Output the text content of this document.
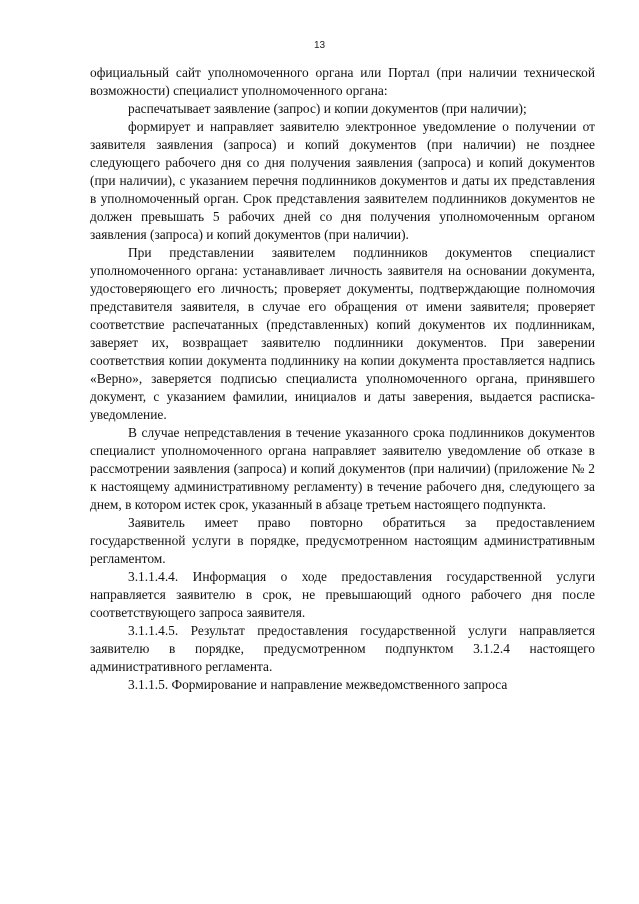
13

официальный сайт уполномоченного органа или Портал (при наличии технической возможности) специалист уполномоченного органа:

распечатывает заявление (запрос) и копии документов (при наличии);

формирует и направляет заявителю электронное уведомление о получении от заявителя заявления (запроса) и копий документов (при наличии) не позднее следующего рабочего дня со дня получения заявления (запроса) и копий документов (при наличии), с указанием перечня подлинников документов и даты их представления в уполномоченный орган. Срок представления заявителем подлинников документов не должен превышать 5 рабочих дней со дня получения уполномоченным органом заявления (запроса) и копий документов (при наличии).

При представлении заявителем подлинников документов специалист уполномоченного органа: устанавливает личность заявителя на основании документа, удостоверяющего его личность; проверяет документы, подтверждающие полномочия представителя заявителя, в случае его обращения от имени заявителя; проверяет соответствие распечатанных (представленных) копий документов их подлинникам, заверяет их, возвращает заявителю подлинники документов. При заверении соответствия копии документа подлиннику на копии документа проставляется надпись «Верно», заверяется подписью специалиста уполномоченного органа, принявшего документ, с указанием фамилии, инициалов и даты заверения, выдается расписка-уведомление.

В случае непредставления в течение указанного срока подлинников документов специалист уполномоченного органа направляет заявителю уведомление об отказе в рассмотрении заявления (запроса) и копий документов (при наличии) (приложение № 2 к настоящему административному регламенту) в течение рабочего дня, следующего за днем, в котором истек срок, указанный в абзаце третьем настоящего подпункта.

Заявитель имеет право повторно обратиться за предоставлением государственной услуги в порядке, предусмотренном настоящим административным регламентом.

3.1.1.4.4. Информация о ходе предоставления государственной услуги направляется заявителю в срок, не превышающий одного рабочего дня после соответствующего запроса заявителя.

3.1.1.4.5. Результат предоставления государственной услуги направляется заявителю в порядке, предусмотренном подпунктом 3.1.2.4 настоящего административного регламента.

3.1.1.5. Формирование и направление межведомственного запроса
